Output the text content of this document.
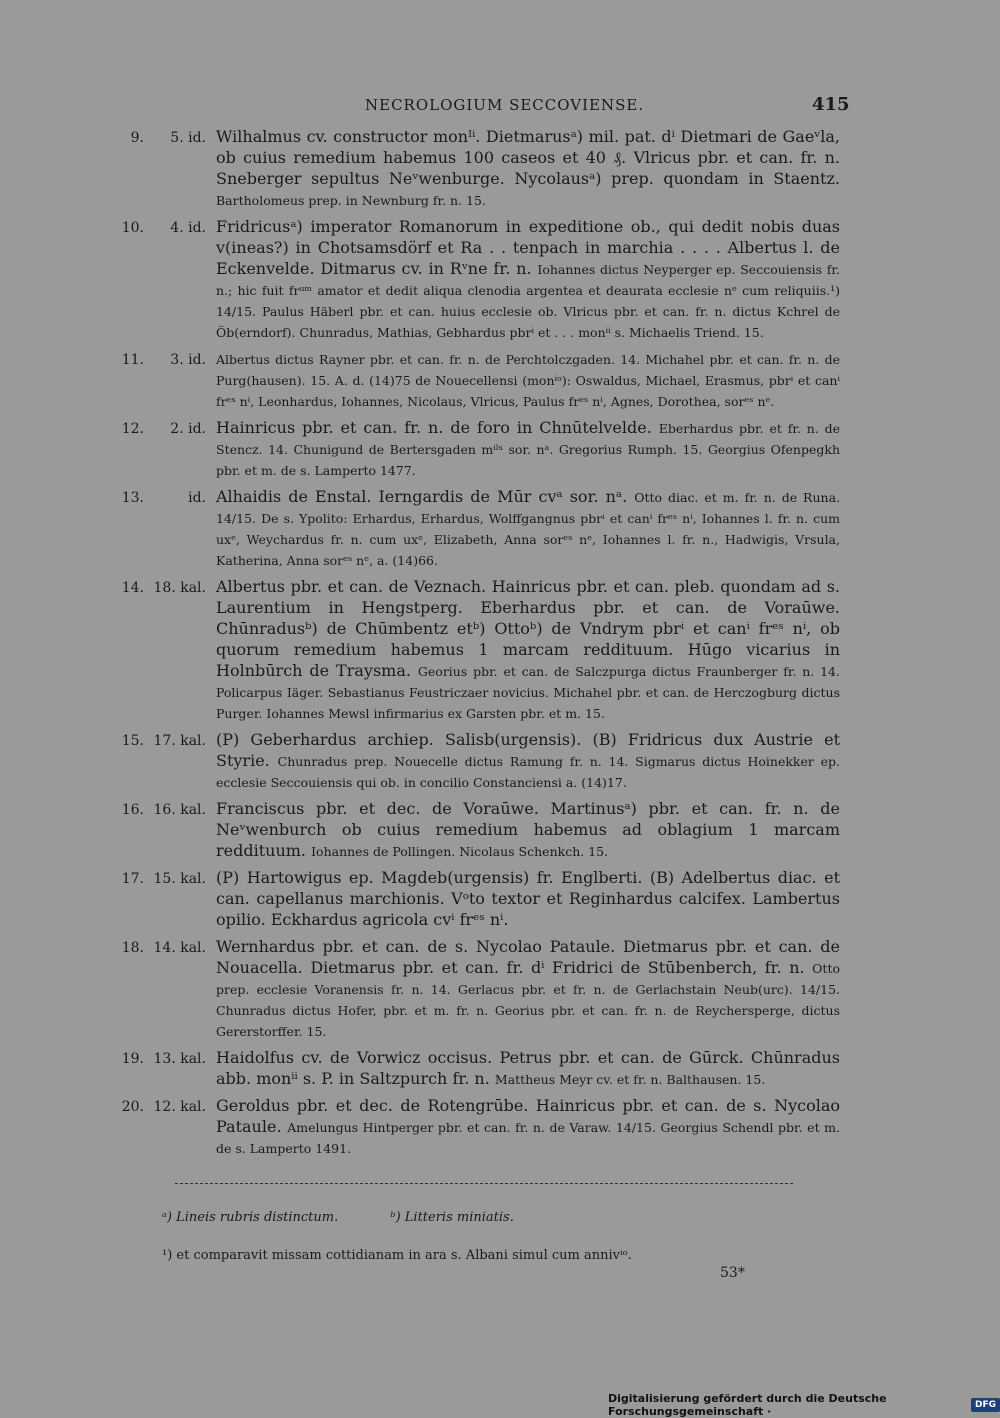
NECROLOGIUM SECCOVIENSE.	415
9.	5. id. Wilhalmus cv. constructor monᴵⁱ. Dietmarusᵃ) mil. pat. dⁱ Dietmari de Gaeᵛla, ob cuius remedium habemus 100 caseos et 40 ₰. Vlricus pbr. et can. fr. n. Sneberger sepultus Neᵛwenburge. Nycolausᵃ) prep. quondam in Staentz. Bartholomeus prep. in Newnburg fr. n. 15.
10.	4. id. Fridricusᵃ) imperator Romanorum in expeditione ob., qui dedit nobis duas v(ineas?) in Chotsamsdörf et Ra . . tenpach in marchia . . . . Albertus l. de Eckenvelde. Ditmarus cv. in Rᵛne fr. n. Iohannes dictus Neyperger ep. Seccouiensis fr. n.; hic fuit frᵘᵐ amator et dedit aliqua clenodia argentea et deaurata ecclesie nᵉ cum reliquiis.¹) 14/15. Paulus Häberl pbr. et can. huius ecclesie ob. Vlricus pbr. et can. fr. n. dictus Kchrel de Öb(erndorf). Chunradus, Mathias, Gebhardus pbrⁱ et . . . monⁱⁱ s. Michaelis Triend. 15.
11.	3. id. Albertus dictus Rayner pbr. et can. fr. n. de Perchtolczgaden. 14. Michahel pbr. et can. fr. n. de Purg(hausen). 15. A. d. (14)75 de Nouecellensi (monⁱᵒ): Oswaldus, Michael, Erasmus, pbrⁱ et canⁱ frᵉˢ nⁱ, Leonhardus, Iohannes, Nicolaus, Vlricus, Paulus frᵉˢ nⁱ, Agnes, Dorothea, sorᵉˢ nᵉ.
12.	2. id. Hainricus pbr. et can. fr. n. de foro in Chnūtelvelde. Eberhardus pbr. et fr. n. de Stencz. 14. Chunigund de Bertersgaden mⁱˡˢ sor. nᵃ. Gregorius Rumph. 15. Georgius Ofenpegkh pbr. et m. de s. Lamperto 1477.
13.	id. Alhaidis de Enstal. Ierngardis de Mūr cvᵃ sor. nᵃ. Otto diac. et m. fr. n. de Runa. 14/15. De s. Ypolito: Erhardus, Erhardus, Wolffgangnus pbrⁱ et canⁱ frᵉˢ nⁱ, Iohannes l. fr. n. cum uxᵉ, Weychardus fr. n. cum uxᵉ, Elizabeth, Anna sorᵉˢ nᵉ, Iohannes l. fr. n., Hadwigis, Vrsula, Katherina, Anna sorᵉˢ nᵉ, a. (14)66.
14. 18. kal. Albertus pbr. et can. de Veznach. Hainricus pbr. et can. pleb. quondam ad s. Laurentium in Hengstperg. Eberhardus pbr. et can. de Voraūwe. Chūnradusᵇ) de Chūmbentz etᵇ) Ottoᵇ) de Vndrym pbrⁱ et canⁱ frᵉˢ nⁱ, ob quorum remedium habemus 1 marcam reddituum. Hūgo vicarius in Holnbūrch de Traysma. Georius pbr. et can. de Salczpurga dictus Fraunberger fr. n. 14. Policarpus Iäger. Sebastianus Feustriczaer novicius. Michahel pbr. et can. de Herczogburg dictus Purger. Iohannes Mewsl infirmarius ex Garsten pbr. et m. 15.
15. 17. kal. (P) Geberhardus archiep. Salisb(urgensis). (B) Fridricus dux Austrie et Styrie. Chunradus prep. Nouecelle dictus Ramung fr. n. 14. Sigmarus dictus Hoinekker ep. ecclesie Seccouiensis qui ob. in concilio Constanciensi a. (14)17.
16. 16. kal. Franciscus pbr. et dec. de Voraūwe. Martinusᵃ) pbr. et can. fr. n. de Neᵛwenburch ob cuius remedium habemus ad oblagium 1 marcam reddituum. Iohannes de Pollingen. Nicolaus Schenkch. 15.
17. 15. kal. (P) Hartowigus ep. Magdeb(urgensis) fr. Englberti. (B) Adelbertus diac. et can. capellanus marchionis. Vᵒto textor et Reginhardus calcifex. Lambertus opilio. Eckhardus agricola cvⁱ frᵉˢ nⁱ.
18. 14. kal. Wernhardus pbr. et can. de s. Nycolao Pataule. Dietmarus pbr. et can. de Nouacella. Dietmarus pbr. et can. fr. dⁱ Fridrici de Stūbenberch, fr. n. Otto prep. ecclesie Voranensis fr. n. 14. Gerlacus pbr. et fr. n. de Gerlachstain Neub(urc). 14/15. Chunradus dictus Hofer, pbr. et m. fr. n. Georius pbr. et can. fr. n. de Reychersperge, dictus Gererstorffer. 15.
19. 13. kal. Haidolfus cv. de Vorwicz occisus. Petrus pbr. et can. de Gūrck. Chūnradus abb. monⁱⁱ s. P. in Saltzpurch fr. n. Mattheus Meyr cv. et fr. n. Balthausen. 15.
20. 12. kal. Geroldus pbr. et dec. de Rotengrūbe. Hainricus pbr. et can. de s. Nycolao Pataule. Amelungus Hintperger pbr. et can. fr. n. de Varaw. 14/15. Georgius Schendl pbr. et m. de s. Lamperto 1491.
ᵃ) Lineis rubris distinctum.	ᵇ) Litteris miniatis.
¹) et comparavit missam cottidianam in ara s. Albani simul cum annivⁱᵒ.
53*
Digitalisierung gefördert durch die Deutsche Forschungsgemeinschaft ·	DFG
